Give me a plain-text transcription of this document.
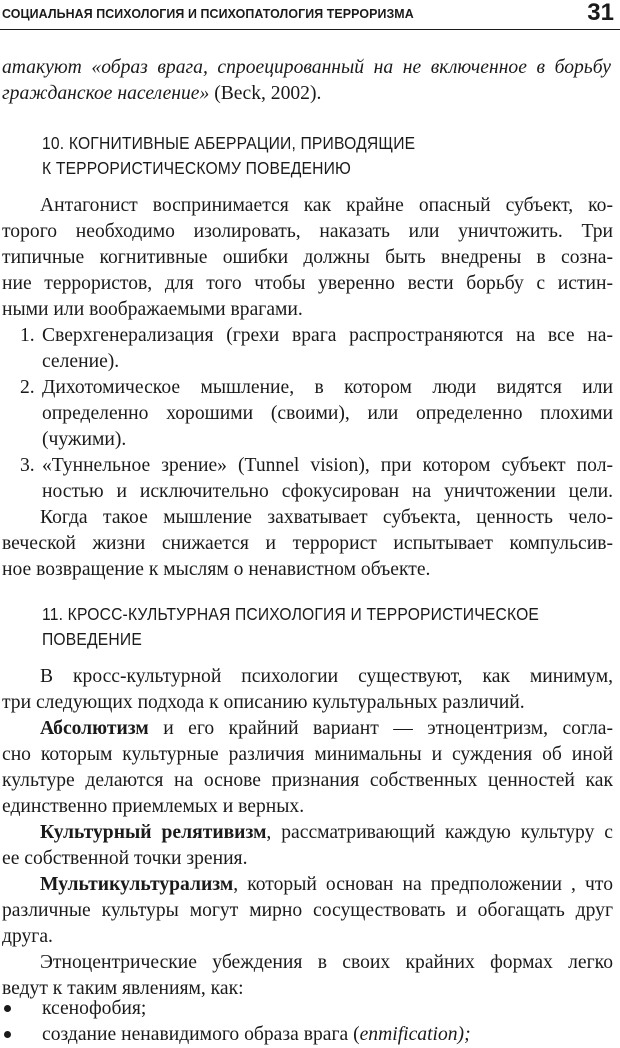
СОЦИАЛЬНАЯ ПСИХОЛОГИЯ И ПСИХОПАТОЛОГИЯ ТЕРРОРИЗМА	31
атакуют «образ врага, спроецированный на не включенное в борьбу
гражданское население» (Beck, 2002).
10. КОГНИТИВНЫЕ АБЕРРАЦИИ, ПРИВОДЯЩИЕ
К ТЕРРОРИСТИЧЕСКОМУ ПОВЕДЕНИЮ
Антагонист воспринимается как крайне опасный субъект, ко-
торого необходимо изолировать, наказать или уничтожить. Три
типичные когнитивные ошибки должны быть внедрены в созна-
ние террористов, для того чтобы уверенно вести борьбу с истин-
ными или воображаемыми врагами.
1. Сверхгенерализация (грехи врага распространяются на все на-
селение).
2. Дихотомическое мышление, в котором люди видятся или
определенно хорошими (своими), или определенно плохими
(чужими).
3. «Туннельное зрение» (Tunnel vision), при котором субъект пол-
ностью и исключительно сфокусирован на уничтожении цели.
Когда такое мышление захватывает субъекта, ценность чело-
веческой жизни снижается и террорист испытывает компульсив-
ное возвращение к мыслям о ненавистном объекте.
11. КРОСС-КУЛЬТУРНАЯ ПСИХОЛОГИЯ И ТЕРРОРИСТИЧЕСКОЕ
ПОВЕДЕНИЕ
В кросс-культурной психологии существуют, как минимум,
три следующих подхода к описанию культуральных различий.
Абсолютизм и его крайний вариант — этноцентризм, согла-
сно которым культурные различия минимальны и суждения об иной
культуре делаются на основе признания собственных ценностей как
единственно приемлемых и верных.
Культурный релятивизм, рассматривающий каждую культуру с
ее собственной точки зрения.
Мультикультурализм, который основан на предположении , что
различные культуры могут мирно сосуществовать и обогащать друг
друга.
Этноцентрические убеждения в своих крайних формах легко
ведут к таким явлениям, как:
ксенофобия;
создание ненавидимого образа врага (enmification);
